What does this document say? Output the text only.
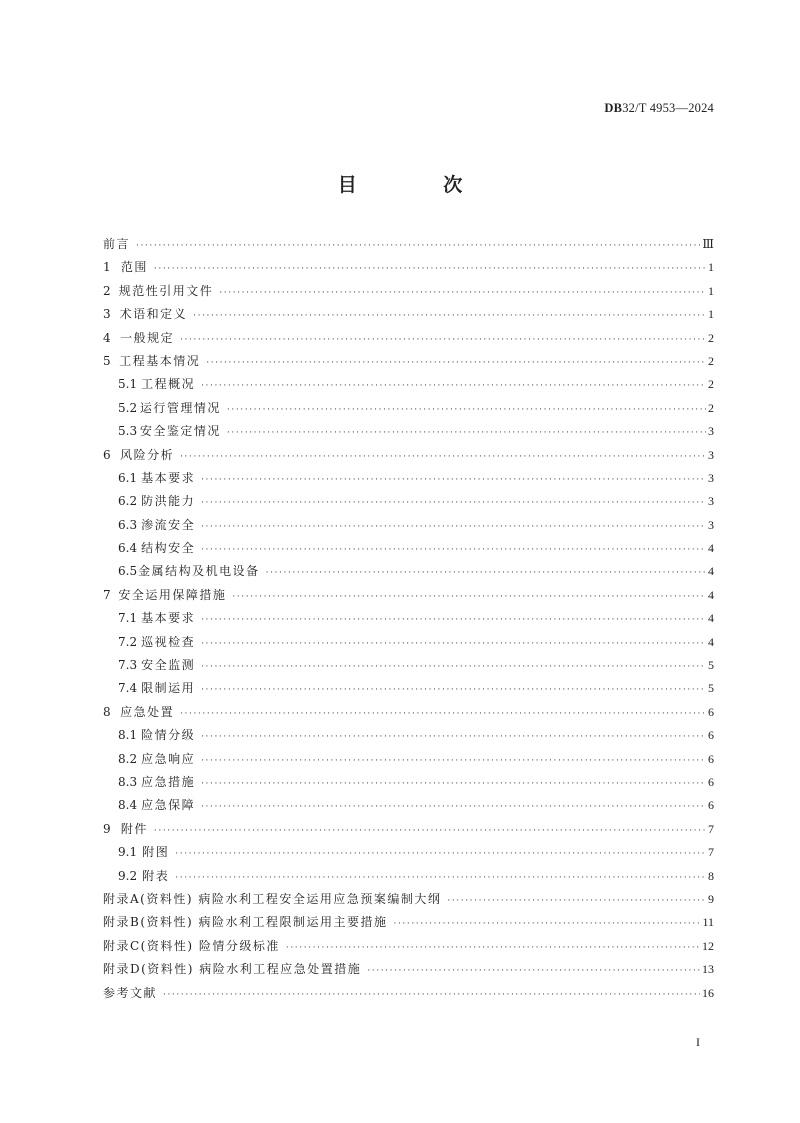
DB32/T 4953—2024
目 次
前言 ·····	Ⅲ
1 范围 ·····	1
2 规范性引用文件 ·····	1
3 术语和定义 ·····	1
4 一般规定 ·····	2
5 工程基本情况 ·····	2
5.1 工程概况 ·····	2
5.2 运行管理情况 ·····	2
5.3 安全鉴定情况 ·····	3
6 风险分析 ·····	3
6.1 基本要求 ·····	3
6.2 防洪能力 ·····	3
6.3 渗流安全 ·····	3
6.4 结构安全 ·····	4
6.5 金属结构及机电设备 ·····	4
7 安全运用保障措施 ·····	4
7.1 基本要求 ·····	4
7.2 巡视检查 ·····	4
7.3 安全监测 ·····	5
7.4 限制运用 ·····	5
8 应急处置 ·····	6
8.1 险情分级 ·····	6
8.2 应急响应 ·····	6
8.3 应急措施 ·····	6
8.4 应急保障 ·····	6
9 附件 ·····	7
9.1 附图 ·····	7
9.2 附表 ·····	8
附录A(资料性) 病险水利工程安全运用应急预案编制大纲 ·····	9
附录B(资料性) 病险水利工程限制运用主要措施 ·····	11
附录C(资料性) 险情分级标准 ·····	12
附录D(资料性) 病险水利工程应急处置措施 ·····	13
参考文献 ·····	16
I
